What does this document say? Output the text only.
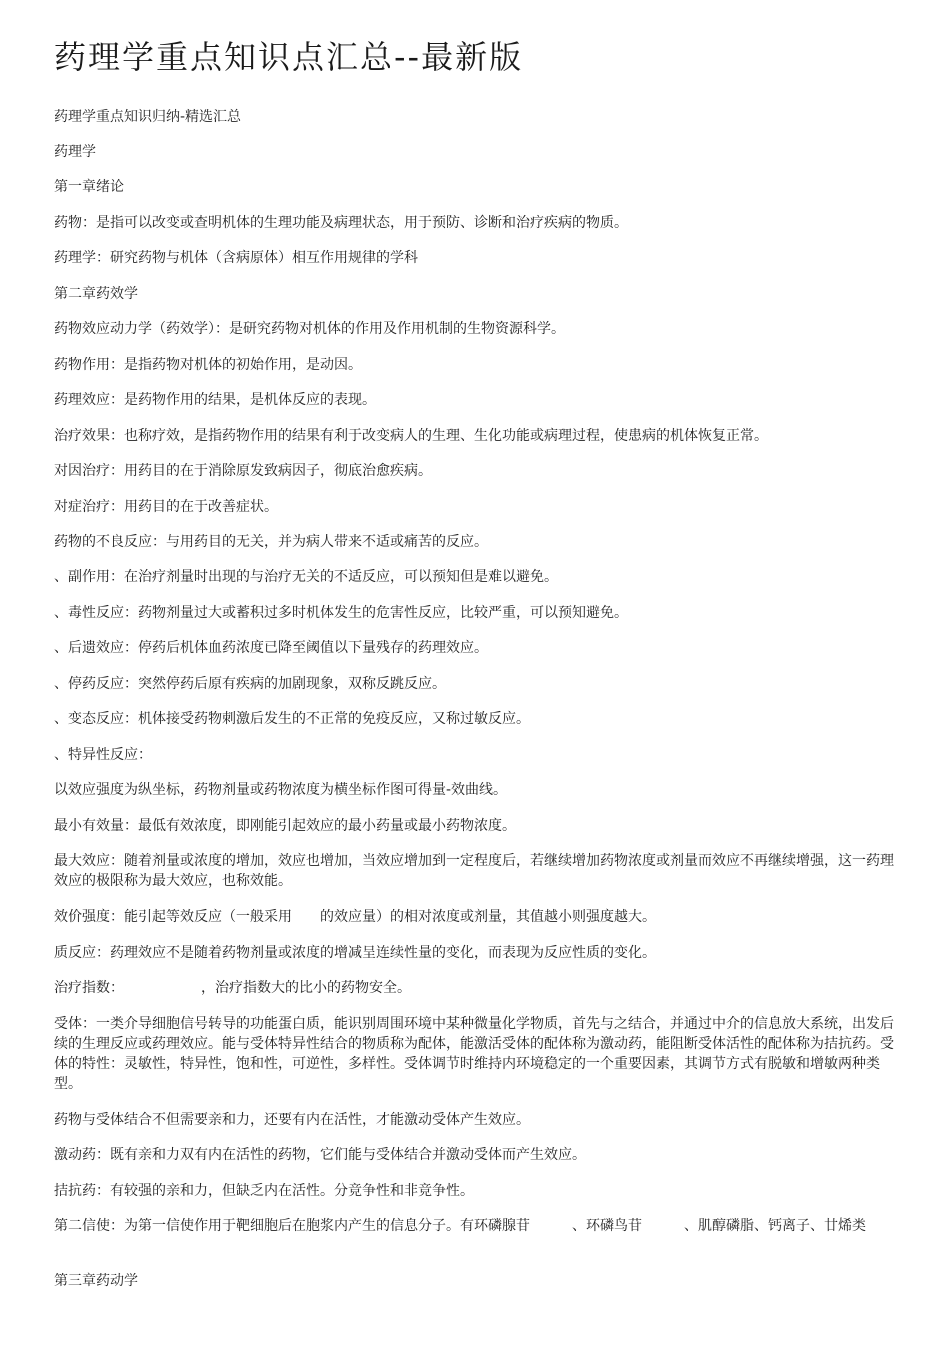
药理学重点知识点汇总--最新版

药理学重点知识归纳-精选汇总

药理学

第一章绪论

药物：是指可以改变或查明机体的生理功能及病理状态，用于预防、诊断和治疗疾病的物质。

药理学：研究药物与机体（含病原体）相互作用规律的学科

第二章药效学

药物效应动力学（药效学）：是研究药物对机体的作用及作用机制的生物资源科学。

药物作用：是指药物对机体的初始作用，是动因。

药理效应：是药物作用的结果，是机体反应的表现。

治疗效果：也称疗效，是指药物作用的结果有利于改变病人的生理、生化功能或病理过程，使患病的机体恢复正常。

对因治疗：用药目的在于消除原发致病因子，彻底治愈疾病。

对症治疗：用药目的在于改善症状。

药物的不良反应：与用药目的无关，并为病人带来不适或痛苦的反应。

、副作用：在治疗剂量时出现的与治疗无关的不适反应，可以预知但是难以避免。

、毒性反应：药物剂量过大或蓄积过多时机体发生的危害性反应，比较严重，可以预知避免。

、后遗效应：停药后机体血药浓度已降至阈值以下量残存的药理效应。

、停药反应：突然停药后原有疾病的加剧现象，双称反跳反应。

、变态反应：机体接受药物刺激后发生的不正常的免疫反应，又称过敏反应。

、特异性反应：

以效应强度为纵坐标，药物剂量或药物浓度为横坐标作图可得量-效曲线。

最小有效量：最低有效浓度，即刚能引起效应的最小药量或最小药物浓度。

最大效应：随着剂量或浓度的增加，效应也增加，当效应增加到一定程度后，若继续增加药物浓度或剂量而效应不再继续增强，这一药理效应的极限称为最大效应，也称效能。

效价强度：能引起等效反应（一般采用　　的效应量）的相对浓度或剂量，其值越小则强度越大。

质反应：药理效应不是随着药物剂量或浓度的增减呈连续性量的变化，而表现为反应性质的变化。

治疗指数：　　　　　　，治疗指数大的比小的药物安全。

受体：一类介导细胞信号转导的功能蛋白质，能识别周围环境中某种微量化学物质，首先与之结合，并通过中介的信息放大系统，出发后续的生理反应或药理效应。能与受体特异性结合的物质称为配体，能激活受体的配体称为激动药，能阻断受体活性的配体称为拮抗药。受体的特性：灵敏性，特异性，饱和性，可逆性，多样性。受体调节时维持内环境稳定的一个重要因素，其调节方式有脱敏和增敏两种类型。

药物与受体结合不但需要亲和力，还要有内在活性，才能激动受体产生效应。

激动药：既有亲和力双有内在活性的药物，它们能与受体结合并激动受体而产生效应。

拮抗药：有较强的亲和力，但缺乏内在活性。分竞争性和非竞争性。

第二信使：为第一信使作用于靶细胞后在胞浆内产生的信息分子。有环磷腺苷　　　、环磷鸟苷　　　、肌醇磷脂、钙离子、廿烯类

第三章药动学
